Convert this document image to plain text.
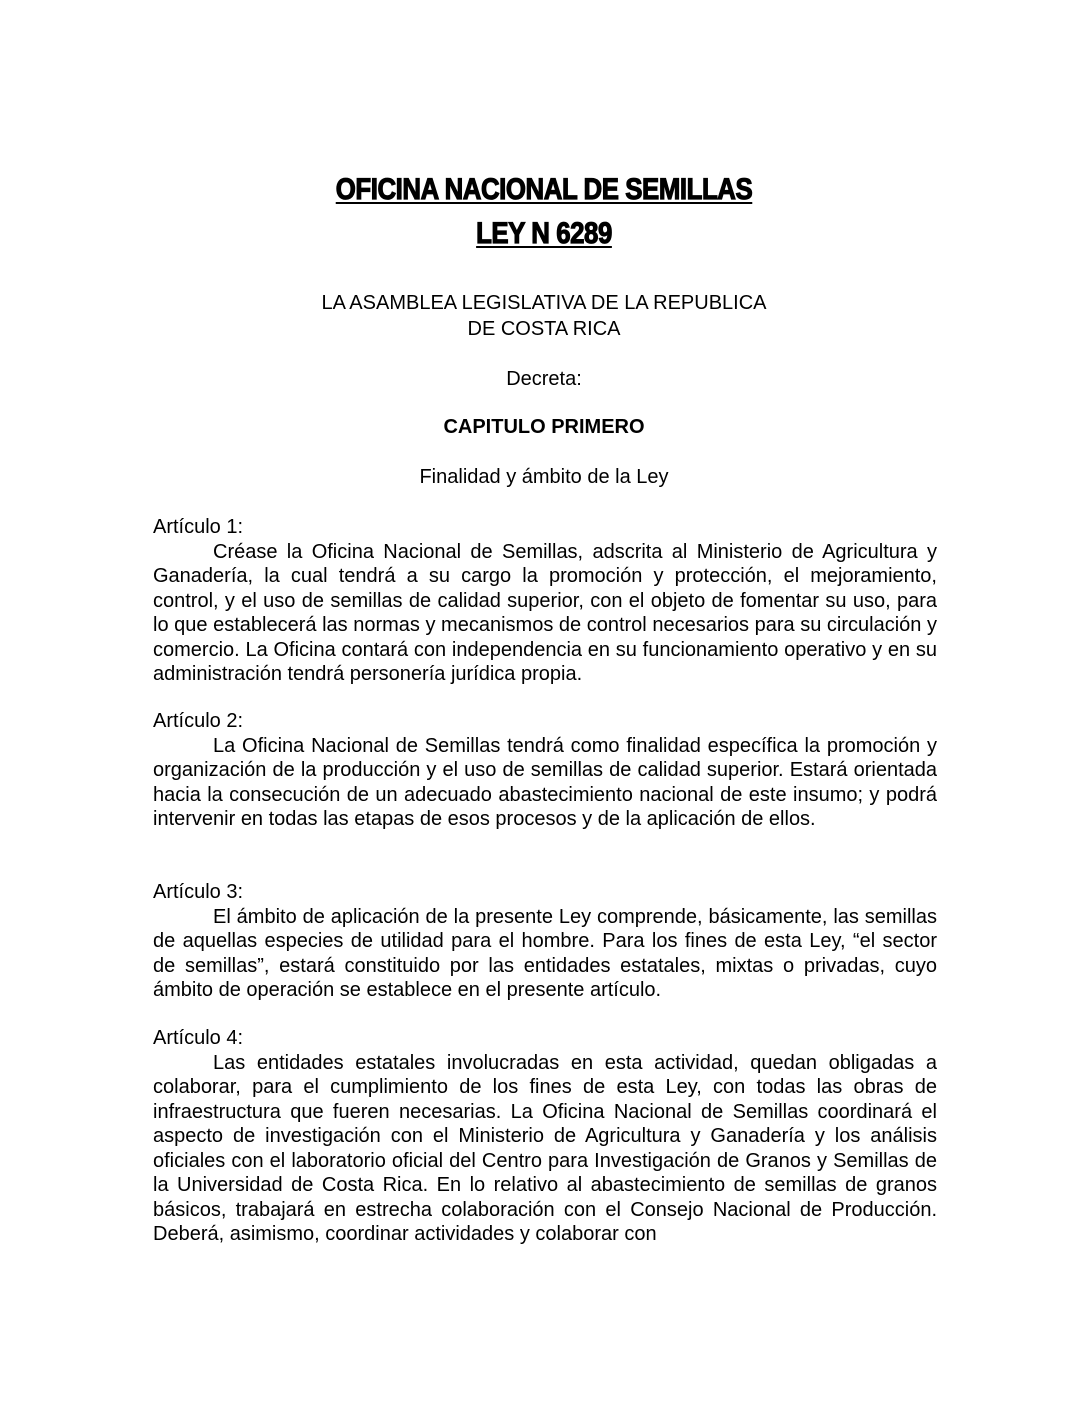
OFICINA NACIONAL DE SEMILLAS
LEY N 6289
LA ASAMBLEA LEGISLATIVA DE LA REPUBLICA
DE COSTA RICA
Decreta:
CAPITULO PRIMERO
Finalidad y ámbito de la Ley
Artículo 1:
Créase la Oficina Nacional de Semillas, adscrita al Ministerio de Agricultura y Ganadería, la cual tendrá a su cargo la promoción y protección, el mejoramiento, control, y el uso de semillas de calidad superior, con el objeto de fomentar su uso, para lo que establecerá las normas y mecanismos de control necesarios para su circulación y comercio. La Oficina contará con independencia en su funcionamiento operativo y en su administración tendrá personería jurídica propia.
Artículo 2:
La Oficina Nacional de Semillas tendrá como finalidad específica la promoción y organización de la producción y el uso de semillas de calidad superior. Estará orientada hacia la consecución de un adecuado abastecimiento nacional de este insumo; y podrá intervenir en todas las etapas de esos procesos y de la aplicación de ellos.
Artículo 3:
El ámbito de aplicación de la presente Ley comprende, básicamente, las semillas de aquellas especies de utilidad para el hombre. Para los fines de esta Ley, “el sector de semillas”, estará constituido por las entidades estatales, mixtas o privadas, cuyo ámbito de operación se establece en el presente artículo.
Artículo 4:
Las entidades estatales involucradas en esta actividad, quedan obligadas a colaborar, para el cumplimiento de los fines de esta Ley, con todas las obras de infraestructura que fueren necesarias. La Oficina Nacional de Semillas coordinará el aspecto de investigación con el Ministerio de Agricultura y Ganadería y los análisis oficiales con el laboratorio oficial del Centro para Investigación de Granos y Semillas de la Universidad de Costa Rica. En lo relativo al abastecimiento de semillas de granos básicos, trabajará en estrecha colaboración con el Consejo Nacional de Producción. Deberá, asimismo, coordinar actividades y colaborar con
